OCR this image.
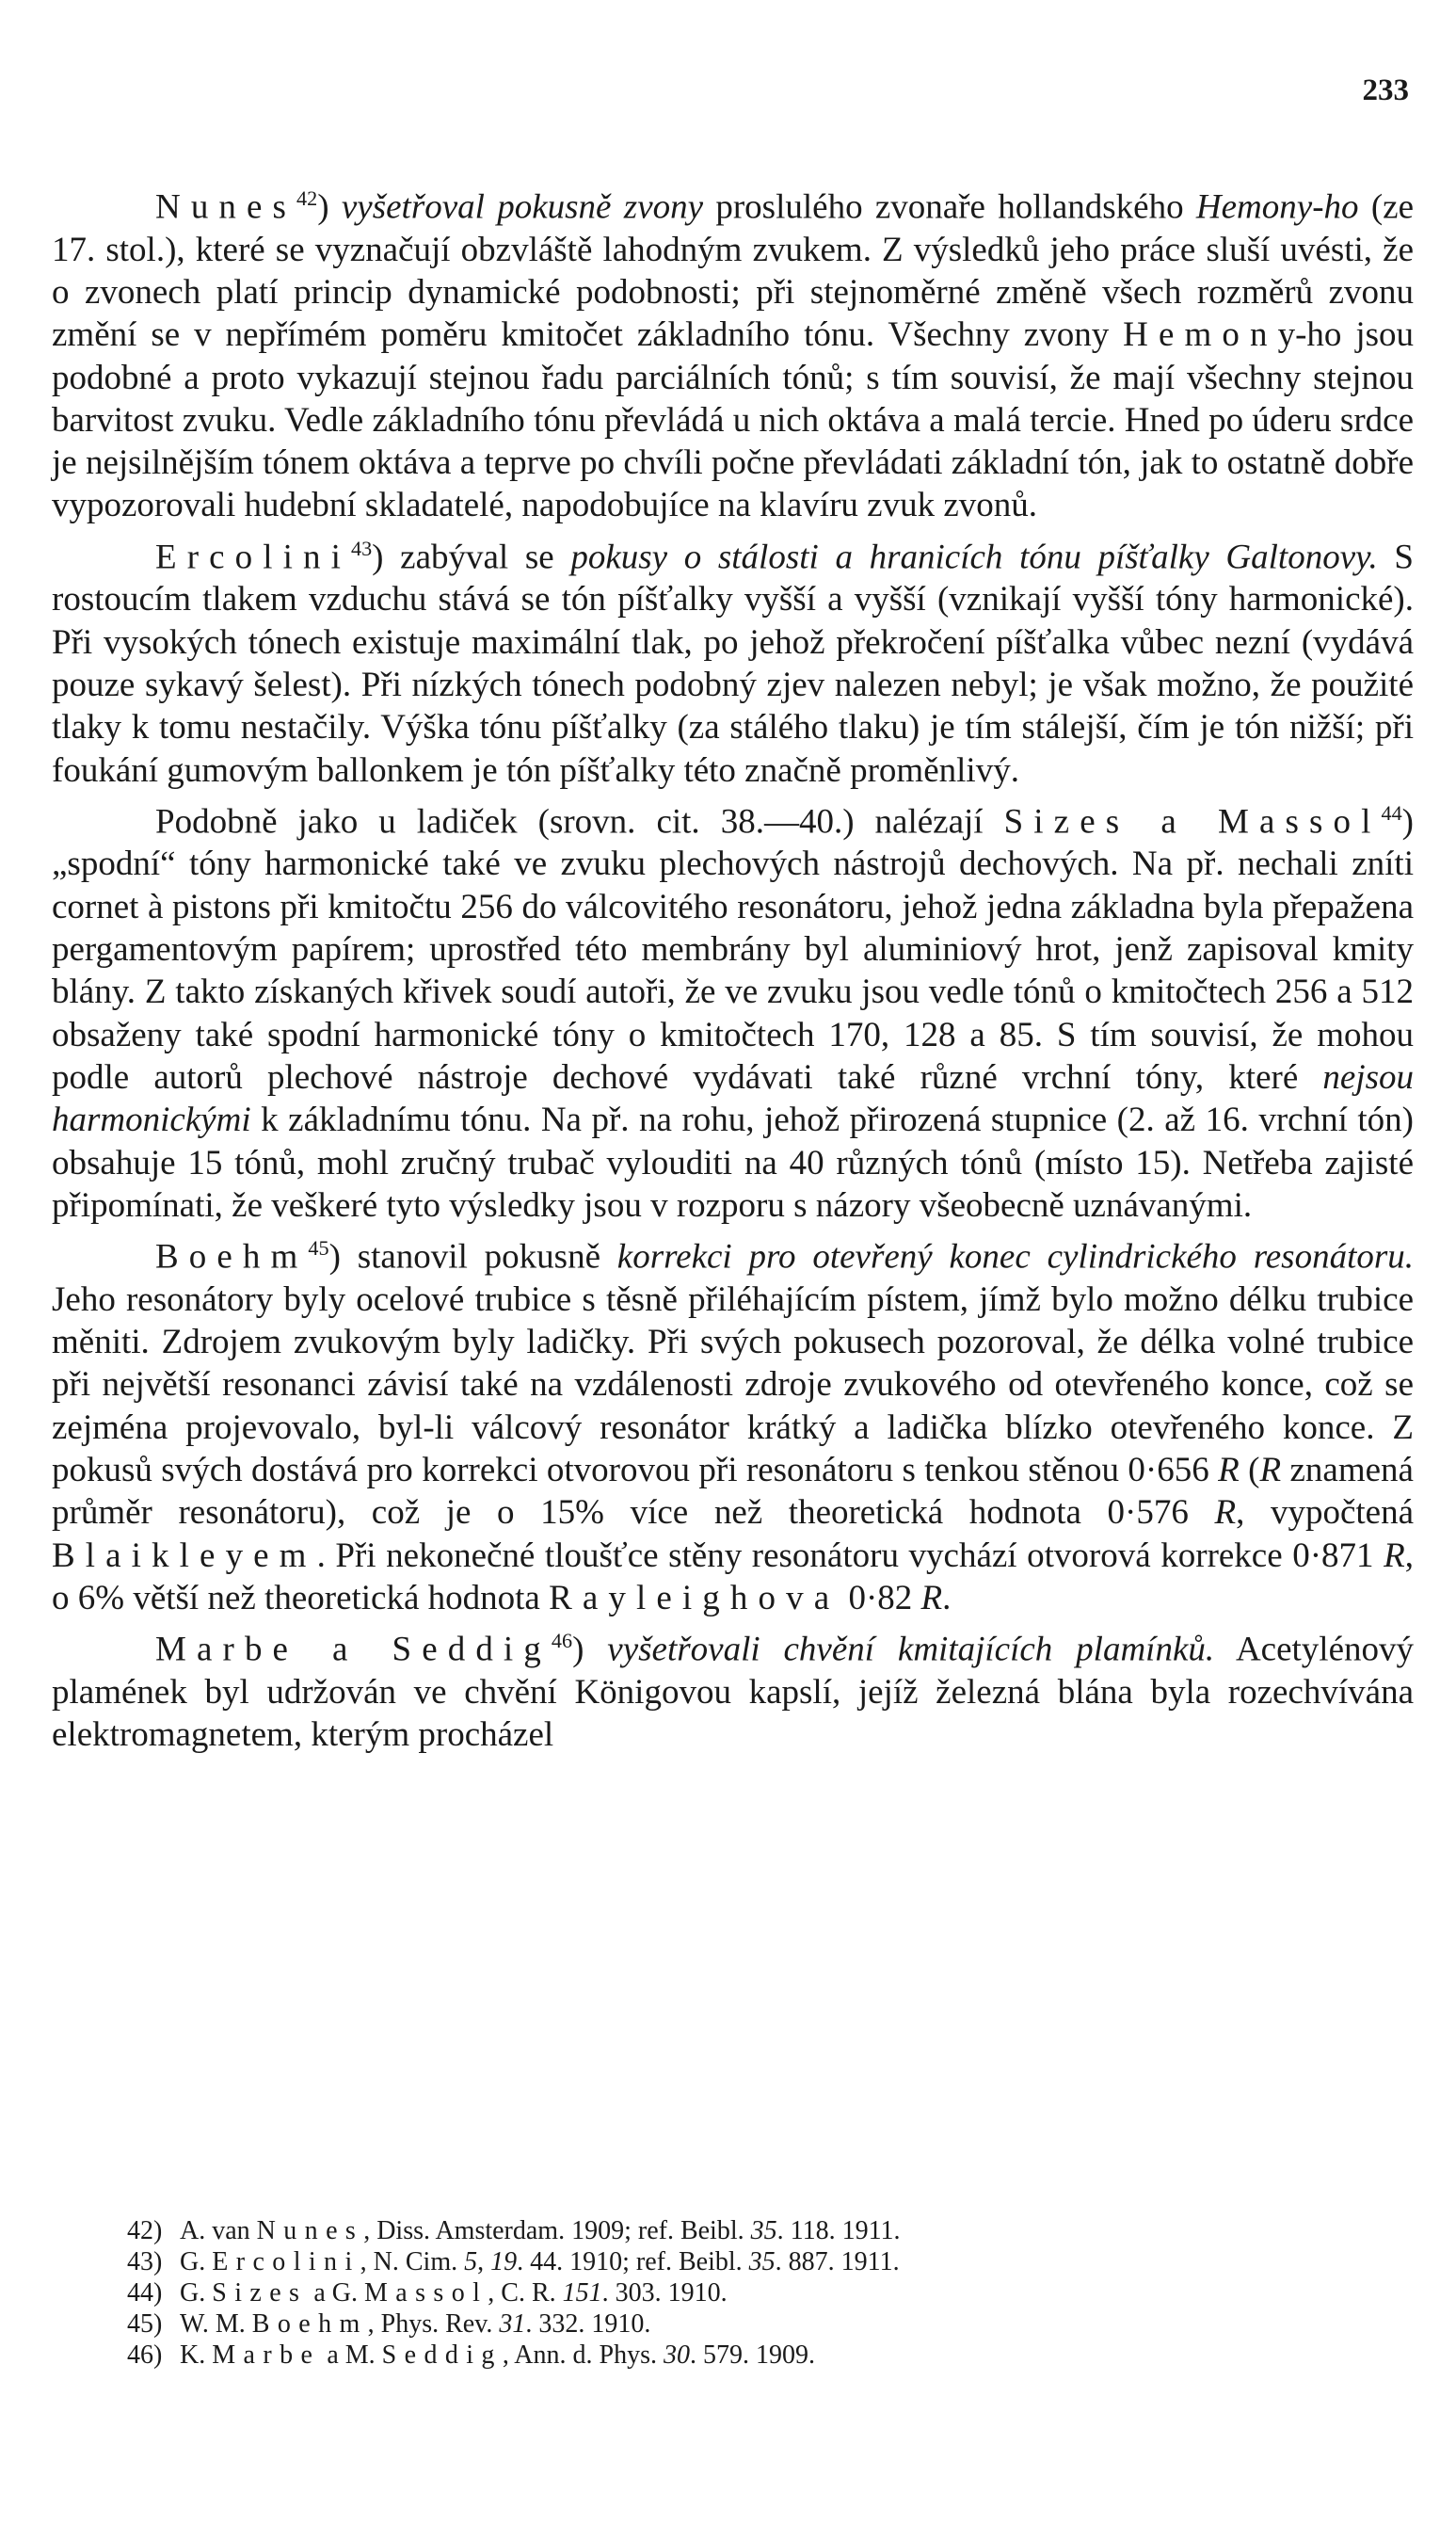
233

Nunes$^{42}$) vyšetřoval pokusně zvony proslulého zvonaře hollandského Hemony-ho (ze 17. stol.), které se vyznačují obzvláště lahodným zvukem. Z výsledků jeho práce sluší uvésti, že o zvonech platí princip dynamické podobnosti; při stejnoměrné změně všech rozměrů zvonu změní se v nepřímém poměru kmitočet základního tónu. Všechny zvony Hemony-ho jsou podobné a proto vykazují stejnou řadu parciálních tónů; s tím souvisí, že mají všechny stejnou barvitost zvuku. Vedle základního tónu převládá u nich oktáva a malá tercie. Hned po úderu srdce je nejsilnějším tónem oktáva a teprve po chvíli počne převládati základní tón, jak to ostatně dobře vypozorovali hudební skladatelé, napodobujíce na klavíru zvuk zvonů.

Ercolini$^{43}$) zabýval se pokusy o stálosti a hranicích tónu píšťalky Galtonovy. S rostoucím tlakem vzduchu stává se tón píšťalky vyšší a vyšší (vznikají vyšší tóny harmonické). Při vysokých tónech existuje maximální tlak, po jehož překročení píšťalka vůbec nezní (vydává pouze sykavý šelest). Při nízkých tónech podobný zjev nalezen nebyl; je však možno, že použité tlaky k tomu nestačily. Výška tónu píšťalky (za stálého tlaku) je tím stálejší, čím je tón nižší; při foukání gumovým ballonkem je tón píšťalky této značně proměnlivý.

Podobně jako u ladiček (srovn. cit. 38.—40.) nalézají Sizes a Massol$^{44}$) „spodní“ tóny harmonické také ve zvuku plechových nástrojů dechových. Na př. nechali zníti cornet à pistons při kmitočtu 256 do válcovitého resonátoru, jehož jedna základna byla přepažena pergamentovým papírem; uprostřed této membrány byl aluminiový hrot, jenž zapisoval kmity blány. Z takto získaných křivek soudí autoři, že ve zvuku jsou vedle tónů o kmitočtech 256 a 512 obsaženy také spodní harmonické tóny o kmitočtech 170, 128 a 85. S tím souvisí, že mohou podle autorů plechové nástroje dechové vydávati také různé vrchní tóny, které nejsou harmonickými k základnímu tónu. Na př. na rohu, jehož přirozená stupnice (2. až 16. vrchní tón) obsahuje 15 tónů, mohl zručný trubač vylouditi na 40 různých tónů (místo 15). Netřeba zajisté připomínati, že veškeré tyto výsledky jsou v rozporu s názory všeobecně uznávanými.

Boehm$^{45}$) stanovil pokusně korrekci pro otevřený konec cylindrického resonátoru. Jeho resonátory byly ocelové trubice s těsně přiléhajícím pístem, jímž bylo možno délku trubice měniti. Zdrojem zvukovým byly ladičky. Při svých pokusech pozoroval, že délka volné trubice při největší resonanci závisí také na vzdálenosti zdroje zvukového od otevřeného konce, což se zejména projevovalo, byl-li válcový resonátor krátký a ladička blízko otevřeného konce. Z pokusů svých dostává pro korrekci otvorovou při resonátoru s tenkou stěnou 0·656 R (R znamená průměr resonátoru), což je o 15% více než theoretická hodnota 0·576 R, vypočtená Blaikleyem. Při nekonečné tloušťce stěny resonátoru vychází otvorová korrekce 0·871 R, o 6% větší než theoretická hodnota Rayleighova 0·82 R.

Marbe a Seddig$^{46}$) vyšetřovali chvění kmitajících plamínků. Acetylénový plamének byl udržován ve chvění Königovou kapslí, jejíž železná blána byla rozechvívána elektromagnetem, kterým procházel

42) A. van Nunes, Diss. Amsterdam. 1909; ref. Beibl. 35. 118. 1911.
43) G. Ercolini, N. Cim. 5, 19. 44. 1910; ref. Beibl. 35. 887. 1911.
44) G. Sizes a G. Massol, C. R. 151. 303. 1910.
45) W. M. Boehm, Phys. Rev. 31. 332. 1910.
46) K. Marbe a M. Seddig, Ann. d. Phys. 30. 579. 1909.
